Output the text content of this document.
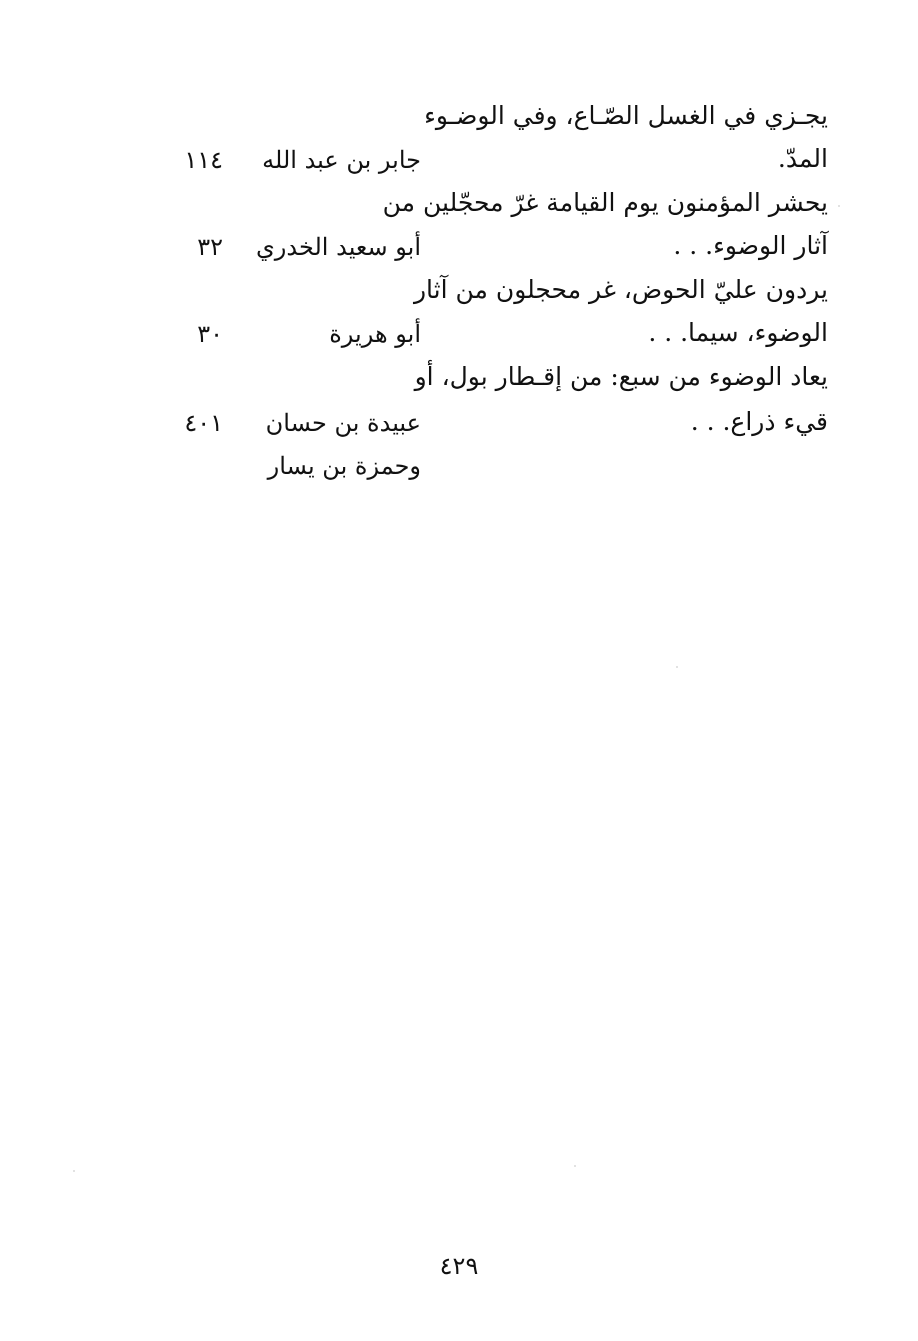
يجـزي في الغسل الصّـاع، وفي الوضـوء
المدّ.
جابر بن عبد الله
١١٤
يحشر المؤمنون يوم القيامة غرّ محجّلين من
آثار الوضوء. . .
أبو سعيد الخدري
٣٢
يردون عليّ الحوض، غر محجلون من آثار
الوضوء، سيما. . .
أبو هريرة
٣٠
يعاد الوضوء من سبع: من إقـطار بول، أو
قيء ذراع. . .
عبيدة بن حسان
وحمزة بن يسار
٤٠١
٤٢٩
